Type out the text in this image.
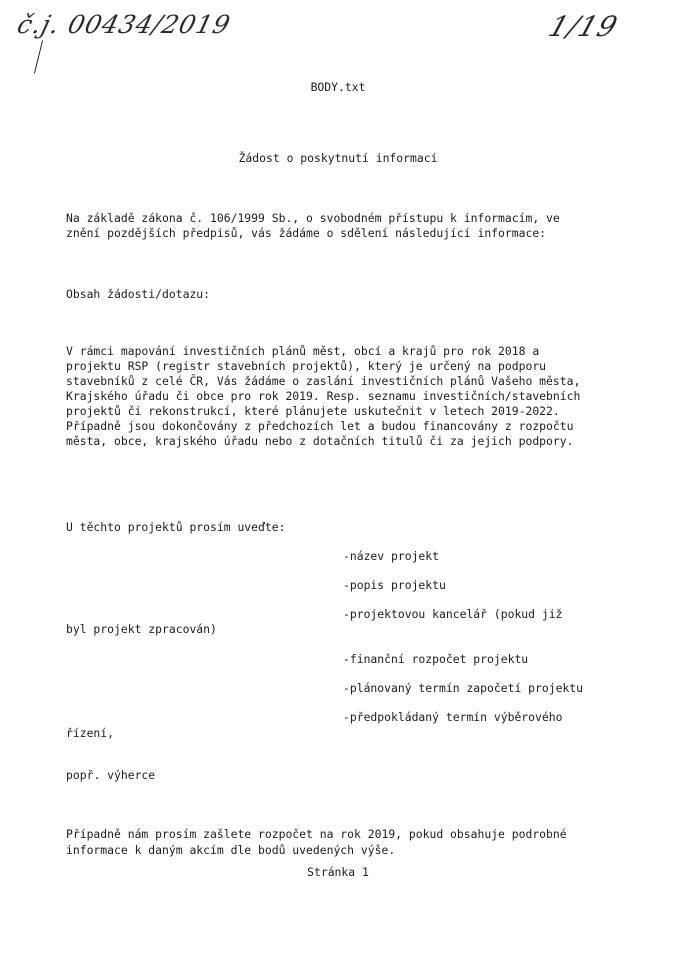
č.j. 00434/2019	1/19
BODY.txt
Žádost o poskytnutí informací
Na základě zákona č. 106/1999 Sb., o svobodném přístupu k informacím, ve
znění pozdějších předpisů, vás žádáme o sdělení následující informace:
Obsah žádosti/dotazu:
V rámci mapování investičních plánů měst, obcí a krajů pro rok 2018 a
projektu RSP (registr stavebních projektů), který je určený na podporu
stavebníků z celé ČR, Vás žádáme o zaslání investičních plánů Vašeho města,
Krajského úřadu či obce pro rok 2019. Resp. seznamu investičních/stavebních
projektů či rekonstrukcí, které plánujete uskutečnit v letech 2019-2022.
Případně jsou dokončovány z předchozích let a budou financovány z rozpočtu
města, obce, krajského úřadu nebo z dotačních titulů či za jejich podpory.
U těchto projektů prosím uveďte:
-název projekt
-popis projektu
-projektovou kancelář (pokud již
byl projekt zpracován)
-finanční rozpočet projektu
-plánovaný termín započetí projektu
-předpokládaný termín výběrového
řízení,
popř. výherce
Případně nám prosím zašlete rozpočet na rok 2019, pokud obsahuje podrobné
informace k daným akcím dle bodů uvedených výše.
Stránka 1
